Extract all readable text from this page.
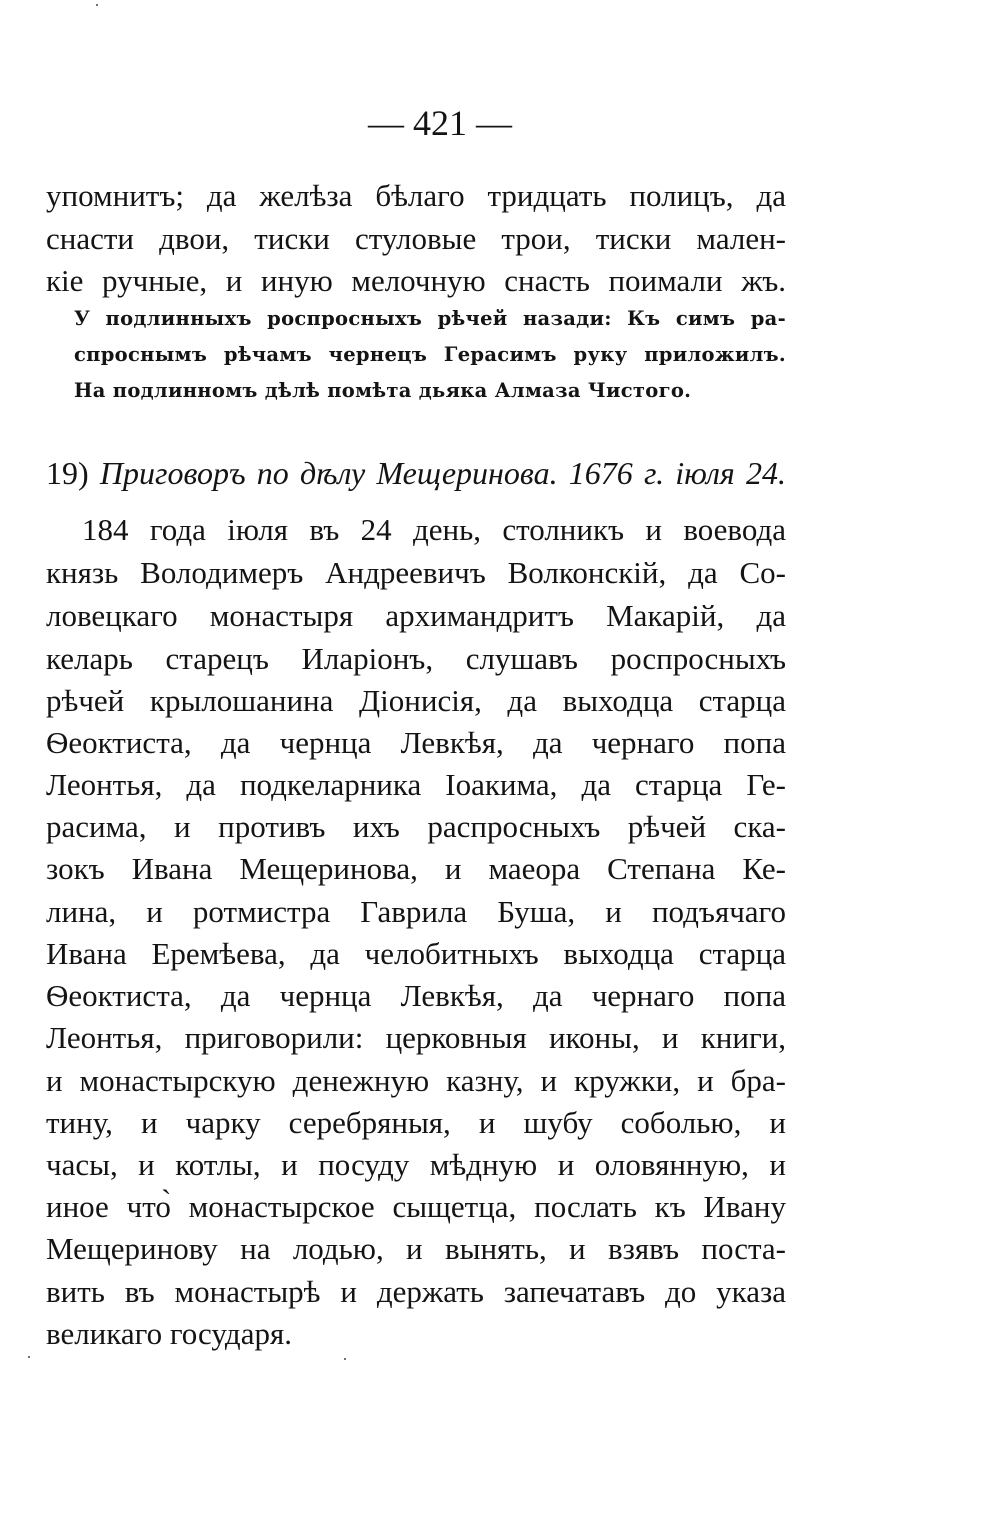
— 421 —
упомнитъ; да желѣза бѣлаго тридцать полицъ, да
снасти двои, тиски стуловые трои, тиски мален-
кіе ручные, и иную мелочную снасть поимали жъ.
У подлинныхъ роспросныхъ рѣчей назади: Къ симъ ра-
спроснымъ рѣчамъ чернецъ Герасимъ руку приложилъ.
На подлинномъ дѣлѣ помѣта дьяка Алмаза Чистого.
19) Приговоръ по дѣлу Мещеринова. 1676 г. іюля 24.
184 года іюля въ 24 день, столникъ и воевода
князь Володимеръ Андреевичъ Волконскій, да Со-
ловецкаго монастыря архимандритъ Макарій, да
келарь старецъ Иларіонъ, слушавъ роспросныхъ
рѣчей крылошанина Діонисія, да выходца старца
Ѳеоктиста, да чернца Левкѣя, да чернаго попа
Леонтья, да подкеларника Іоакима, да старца Ге-
расима, и противъ ихъ распросныхъ рѣчей ска-
зокъ Ивана Мещеринова, и маеора Степана Ке-
лина, и ротмистра Гаврила Буша, и подъячаго
Ивана Еремѣева, да челобитныхъ выходца старца
Ѳеоктиста, да чернца Левкѣя, да чернаго попа
Леонтья, приговорили: церковныя иконы, и книги,
и монастырскую денежную казну, и кружки, и бра-
тину, и чарку серебряныя, и шубу соболью, и
часы, и котлы, и посуду мѣдную и оловянную, и
иное что̀ монастырское сыщетца, послать къ Ивану
Мещеринову на лодью, и вынять, и взявъ поста-
вить въ монастырѣ и держать запечатавъ до указа
великаго государя.
